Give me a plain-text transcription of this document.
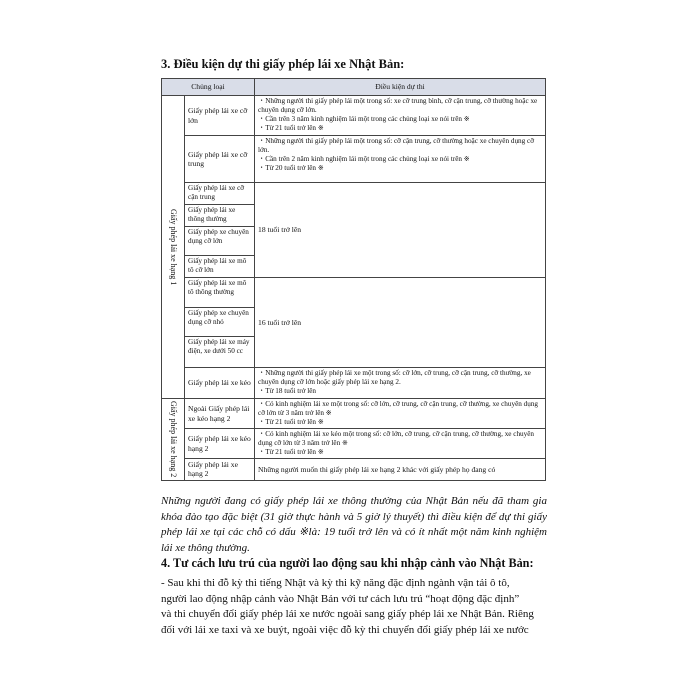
3. Điều kiện dự thi giấy phép lái xe Nhật Bản:
Chủng loại		Điều kiện dự thi

Giấy phép lái xe hạng 1	Giấy phép lái xe cỡ lớn	・Những người thi giấy phép lái một trong số: xe cỡ trung bình, cỡ cận trung, cỡ thường hoặc xe chuyên dụng cỡ lớn.
・Cần trên 3 năm kinh nghiệm lái một trong các chủng loại xe nói trên ※
・Từ 21 tuổi trở lên ※

	Giấy phép lái xe cỡ trung	・Những người thi giấy phép lái một trong số: cỡ cận trung, cỡ thường hoặc xe chuyên dụng cỡ lớn.
・Cần trên 2 năm kinh nghiệm lái một trong các chủng loại xe nói trên ※
・Từ 20 tuổi trở lên ※

	Giấy phép lái xe cỡ cận trung	18 tuổi trở lên
	Giấy phép lái xe thông thường	
	Giấy phép xe chuyên dụng cỡ lớn	
	Giấy phép lái xe mô tô cỡ lớn	
	Giấy phép lái xe mô tô thông thường	16 tuổi trở lên
	Giấy phép xe chuyên dụng cỡ nhỏ	
	Giấy phép lái xe máy điện, xe dưới 50 cc	
	Giấy phép lái xe kéo	・Những người thi giấy phép lái xe một trong số: cỡ lớn, cỡ trung, cỡ cận trung, cỡ thường, xe chuyên dụng cỡ lớn hoặc giấy phép lái xe hạng 2.
・Từ 18 tuổi trở lên

Giấy phép lái xe hạng 2	Ngoài Giấy phép lái xe kéo hạng 2	・Có kinh nghiệm lái xe một trong số: cỡ lớn, cỡ trung, cỡ cận trung, cỡ thường, xe chuyên dụng cỡ lớn từ 3 năm trở lên ※
・Từ 21 tuổi trở lên ※

	Giấy phép lái xe kéo hạng 2	・Có kinh nghiệm lái xe kéo một trong số: cỡ lớn, cỡ trung, cỡ cận trung, cỡ thường, xe chuyên dụng cỡ lớn từ 3 năm trở lên ※
・Từ 21 tuổi trở lên ※

	Giấy phép lái xe hạng 2	Những người muốn thi giấy phép lái xe hạng 2 khác với giấy phép họ đang có
Những người đang có giấy phép lái xe thông thường của Nhật Bản nếu đã tham gia khóa đào tạo đặc biệt (31 giờ thực hành và 5 giờ lý thuyết) thì điều kiện để dự thi giấy phép lái xe tại các chỗ có dấu ※là: 19 tuổi trở lên và có ít nhất một năm kinh nghiệm lái xe thông thường.
4. Tư cách lưu trú của người lao động sau khi nhập cảnh vào Nhật Bản:
- Sau khi thi đỗ kỳ thi tiếng Nhật và kỳ thi kỹ năng đặc định ngành vận tải ô tô,
người lao động nhập cảnh vào Nhật Bản với tư cách lưu trú “hoạt động đặc định”
và thi chuyển đổi giấy phép lái xe nước ngoài sang giấy phép lái xe Nhật Bản. Riêng
đối với lái xe taxi và xe buýt, ngoài việc đỗ kỳ thi chuyển đổi giấy phép lái xe nước
